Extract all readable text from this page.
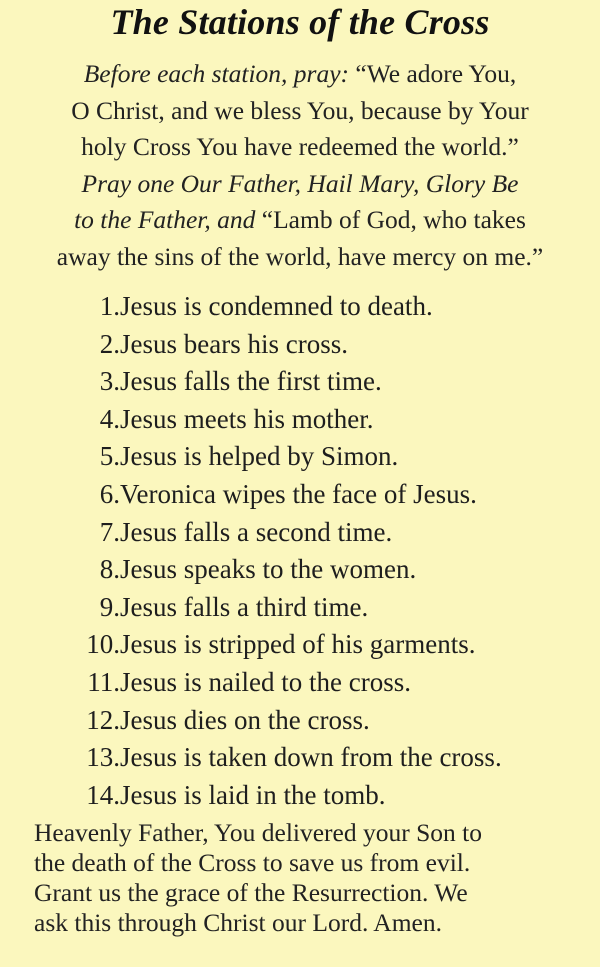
The Stations of the Cross
Before each station, pray: “We adore You,
O Christ, and we bless You, because by Your
holy Cross You have redeemed the world.”
Pray one Our Father, Hail Mary, Glory Be
to the Father, and “Lamb of God, who takes
away the sins of the world, have mercy on me.”
1. Jesus is condemned to death.
2. Jesus bears his cross.
3. Jesus falls the first time.
4. Jesus meets his mother.
5. Jesus is helped by Simon.
6. Veronica wipes the face of Jesus.
7. Jesus falls a second time.
8. Jesus speaks to the women.
9. Jesus falls a third time.
10. Jesus is stripped of his garments.
11. Jesus is nailed to the cross.
12. Jesus dies on the cross.
13. Jesus is taken down from the cross.
14. Jesus is laid in the tomb.
Heavenly Father, You delivered your Son to
the death of the Cross to save us from evil.
Grant us the grace of the Resurrection. We
ask this through Christ our Lord. Amen.
